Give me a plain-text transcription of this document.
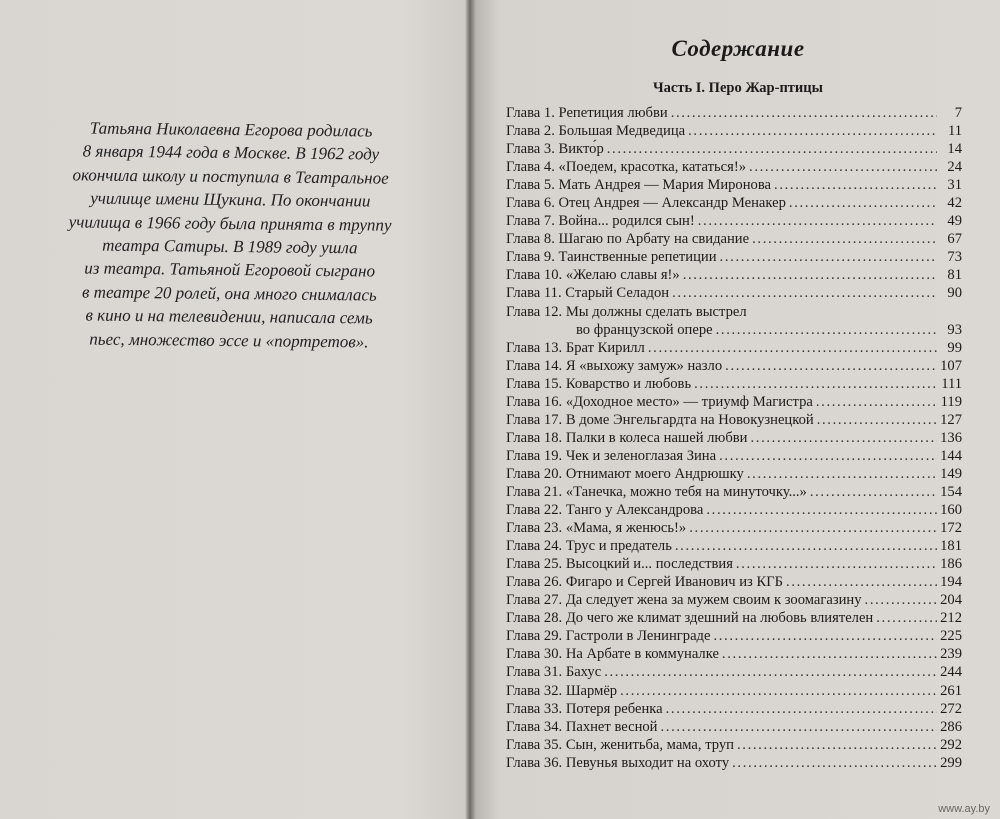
Татьяна Николаевна Егорова родилась
8 января 1944 года в Москве. В 1962 году
окончила школу и поступила в Театральное
училище имени Щукина. По окончании
училища в 1966 году была принята в труппу
театра Сатиры. В 1989 году ушла
из театра. Татьяной Егоровой сыграно
в театре 20 ролей, она много снималась
в кино и на телевидении, написала семь
пьес, множество эссе и «портретов».
Содержание
Часть I. Перо Жар-птицы
Глава 1. Репетиция любви . . .	7
Глава 2. Большая Медведица . . .	11
Глава 3. Викто́р . . .	14
Глава 4. «Поедем, красотка, кататься!» . . .	24
Глава 5. Мать Андрея — Мария Миронова . . .	31
Глава 6. Отец Андрея — Александр Менакер . . .	42
Глава 7. Война... родился сын! . . .	49
Глава 8. Шагаю по Арбату на свидание . . .	67
Глава 9. Таинственные репетиции . . .	73
Глава 10. «Желаю славы я!» . . .	81
Глава 11. Старый Селадон . . .	90
Глава 12. Мы должны сделать выстрел
во французской опере . . .	93
Глава 13. Брат Кирилл . . .	99
Глава 14. Я «выхожу замуж» назло . . .	107
Глава 15. Коварство и любовь . . .	111
Глава 16. «Доходное место» — триумф Магистра . . .	119
Глава 17. В доме Энгельгардта на Новокузнецкой . . .	127
Глава 18. Палки в колеса нашей любви . . .	136
Глава 19. Чек и зеленоглазая Зина . . .	144
Глава 20. Отнимают моего Андрюшку . . .	149
Глава 21. «Танечка, можно тебя на минуточку...» . . .	154
Глава 22. Танго у Александрова . . .	160
Глава 23. «Мама, я женюсь!» . . .	172
Глава 24. Трус и предатель . . .	181
Глава 25. Высоцкий и... последствия . . .	186
Глава 26. Фигаро и Сергей Иванович из КГБ . . .	194
Глава 27. Да следует жена за мужем своим к зоомагазину . . .	204
Глава 28. До чего же климат здешний на любовь влиятелен . . .	212
Глава 29. Гастроли в Ленинграде . . .	225
Глава 30. На Арбате в коммуналке . . .	239
Глава 31. Бахус . . .	244
Глава 32. Шармёр . . .	261
Глава 33. Потеря ребенка . . .	272
Глава 34. Пахнет весной . . .	286
Глава 35. Сын, женитьба, мама, труп . . .	292
Глава 36. Певунья выходит на охоту . . .	299
www.ay.by
